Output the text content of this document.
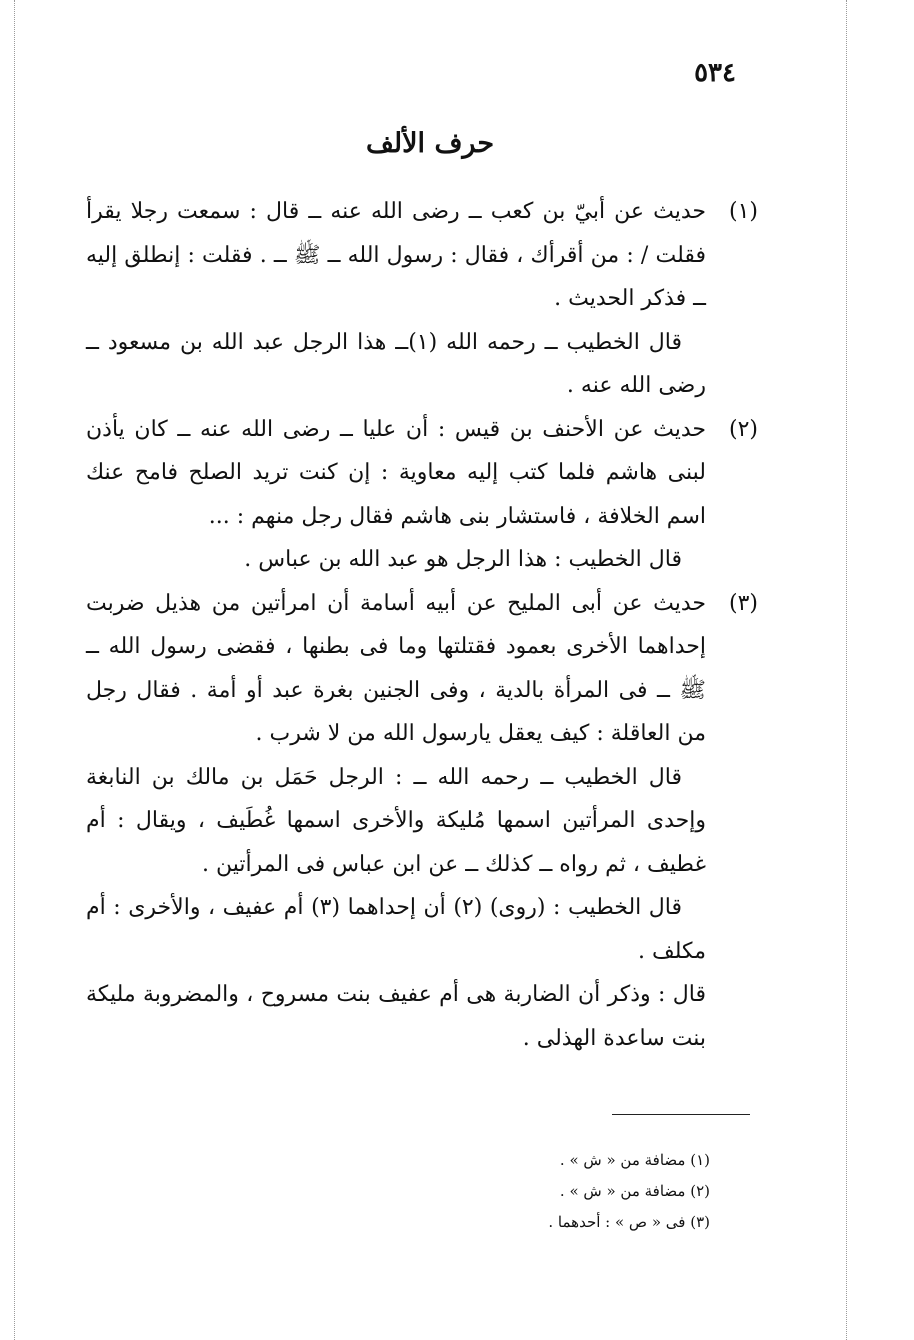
٥٣٤
حرف الألف
(١)

حديث عن أبيّ بن كعب ــ رضى الله عنه ــ قال : سمعت رجلا يقرأ فقلت / : من أقرأك ، فقال : رسول الله ــ ﷺ ــ . فقلت : إنطلق إليه ــ فذكر الحديث .

قال الخطيب ــ رحمه الله (١)ــ هذا الرجل عبد الله بن مسعود ــ رضى الله عنه .

(٢)

حديث عن الأحنف بن قيس : أن عليا ــ رضى الله عنه ــ كان يأذن لبنى هاشم فلما كتب إليه معاوية : إن كنت تريد الصلح فامح عنك اسم الخلافة ، فاستشار بنى هاشم فقال رجل منهم : ...

قال الخطيب : هذا الرجل هو عبد الله بن عباس .

(٣)

حديث عن أبى المليح عن أبيه أسامة أن امرأتين من هذيل ضربت إحداهما الأخرى بعمود فقتلتها وما فى بطنها ، فقضى رسول الله ــ ﷺ ــ فى المرأة بالدية ، وفى الجنين بغرة عبد أو أمة . فقال رجل من العاقلة : كيف يعقل يارسول الله من لا شرب .

قال الخطيب ــ رحمه الله ــ : الرجل حَمَل بن مالك بن النابغة وإحدى المرأتين اسمها مُليكة والأخرى اسمها غُطَيف ، ويقال : أم غطيف ، ثم رواه ــ كذلك ــ عن ابن عباس فى المرأتين .

قال الخطيب : (روى) (٢) أن إحداهما (٣) أم عفيف ، والأخرى : أم مكلف .

قال : وذكر أن الضاربة هى أم عفيف بنت مسروح ، والمضروبة مليكة بنت ساعدة الهذلى .

(١) مضافة من « ش » .

(٢) مضافة من « ش » .

(٣) فى « ص » : أحدهما .
